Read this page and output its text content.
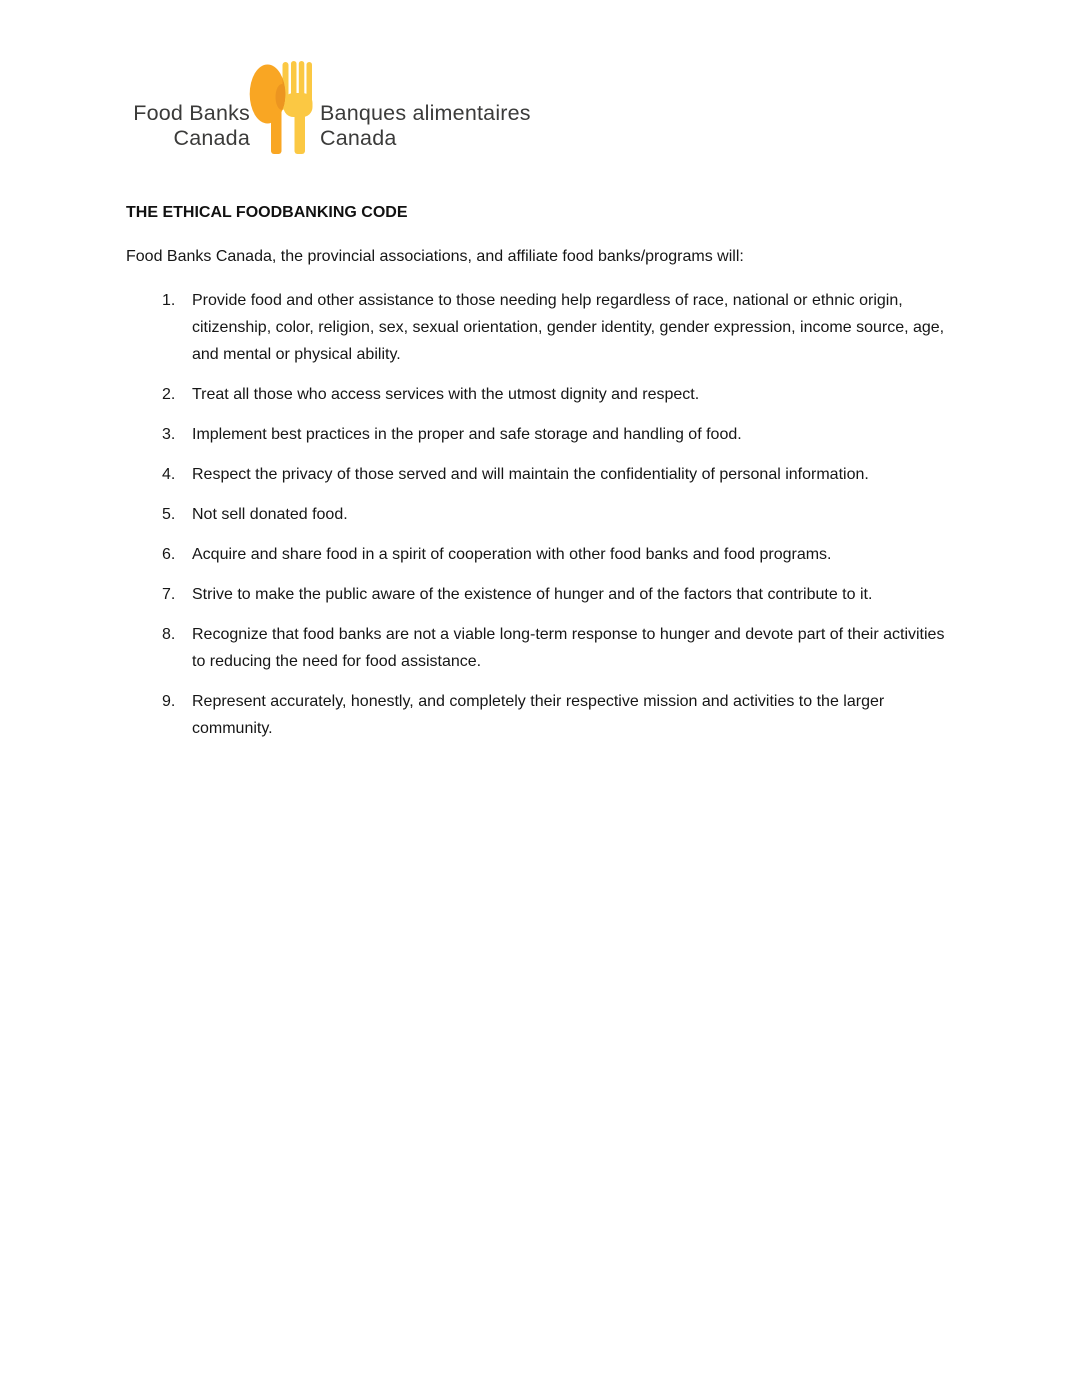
Food Banks
Canada
Banques alimentaires
Canada
THE ETHICAL FOODBANKING CODE

Food Banks Canada, the provincial associations, and affiliate food banks/programs will:

Provide food and other assistance to those needing help regardless of race, national or ethnic origin, citizenship, color, religion, sex, sexual orientation, gender identity, gender expression, income source, age, and mental or physical ability.
Treat all those who access services with the utmost dignity and respect.
Implement best practices in the proper and safe storage and handling of food.
Respect the privacy of those served and will maintain the confidentiality of personal information.
Not sell donated food.
Acquire and share food in a spirit of cooperation with other food banks and food programs.
Strive to make the public aware of the existence of hunger and of the factors that contribute to it.
Recognize that food banks are not a viable long-term response to hunger and devote part of their activities to reducing the need for food assistance.
Represent accurately, honestly, and completely their respective mission and activities to the larger community.
